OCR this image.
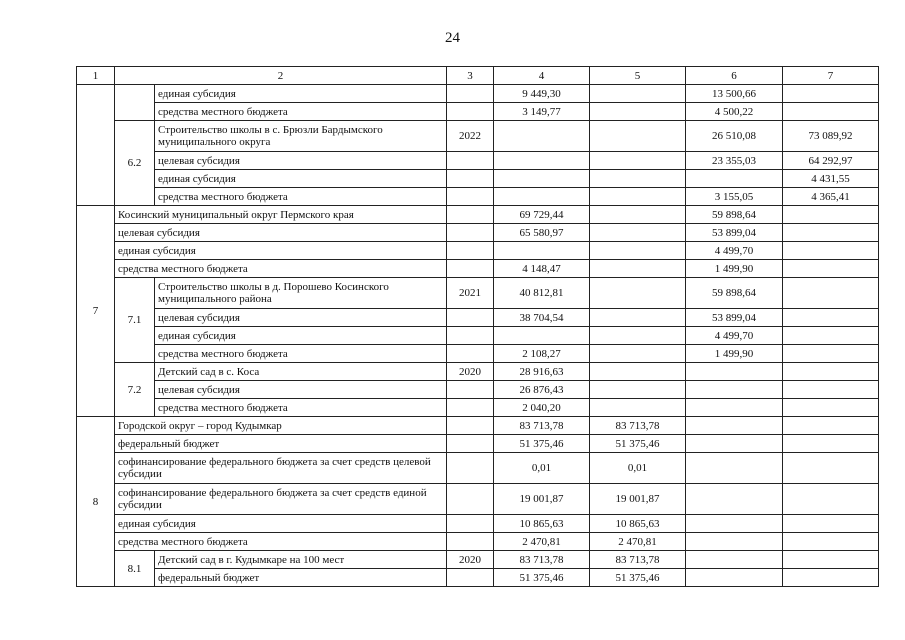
24
1	2		3	4	5	6	7
		единая субсидия		9 449,30		13 500,66	
		средства местного бюджета		3 149,77		4 500,22	
	6.2	Строительство школы в с. Брюзли Бардымского муниципального округа	2022			26 510,08	73 089,92
		целевая субсидия				23 355,03	64 292,97
		единая субсидия					4 431,55
		средства местного бюджета				3 155,05	4 365,41
7	Косинский муниципальный округ Пермского края			69 729,44		59 898,64	
	целевая субсидия			65 580,97		53 899,04	
	единая субсидия					4 499,70	
	средства местного бюджета			4 148,47		1 499,90	
	7.1	Строительство школы в д. Порошево Косинского муниципального района	2021	40 812,81		59 898,64	
		целевая субсидия		38 704,54		53 899,04	
		единая субсидия				4 499,70	
		средства местного бюджета		2 108,27		1 499,90	
	7.2	Детский сад в с. Коса	2020	28 916,63			
		целевая субсидия		26 876,43			
		средства местного бюджета		2 040,20			
8	Городской округ – город Кудымкар			83 713,78	83 713,78		
	федеральный бюджет			51 375,46	51 375,46		
	софинансирование федерального бюджета за счет средств целевой субсидии			0,01	0,01		
	софинансирование федерального бюджета за счет средств единой субсидии			19 001,87	19 001,87		
	единая субсидия			10 865,63	10 865,63		
	средства местного бюджета			2 470,81	2 470,81		
	8.1	Детский сад в г. Кудымкаре на 100 мест	2020	83 713,78	83 713,78		
		федеральный бюджет		51 375,46	51 375,46		
